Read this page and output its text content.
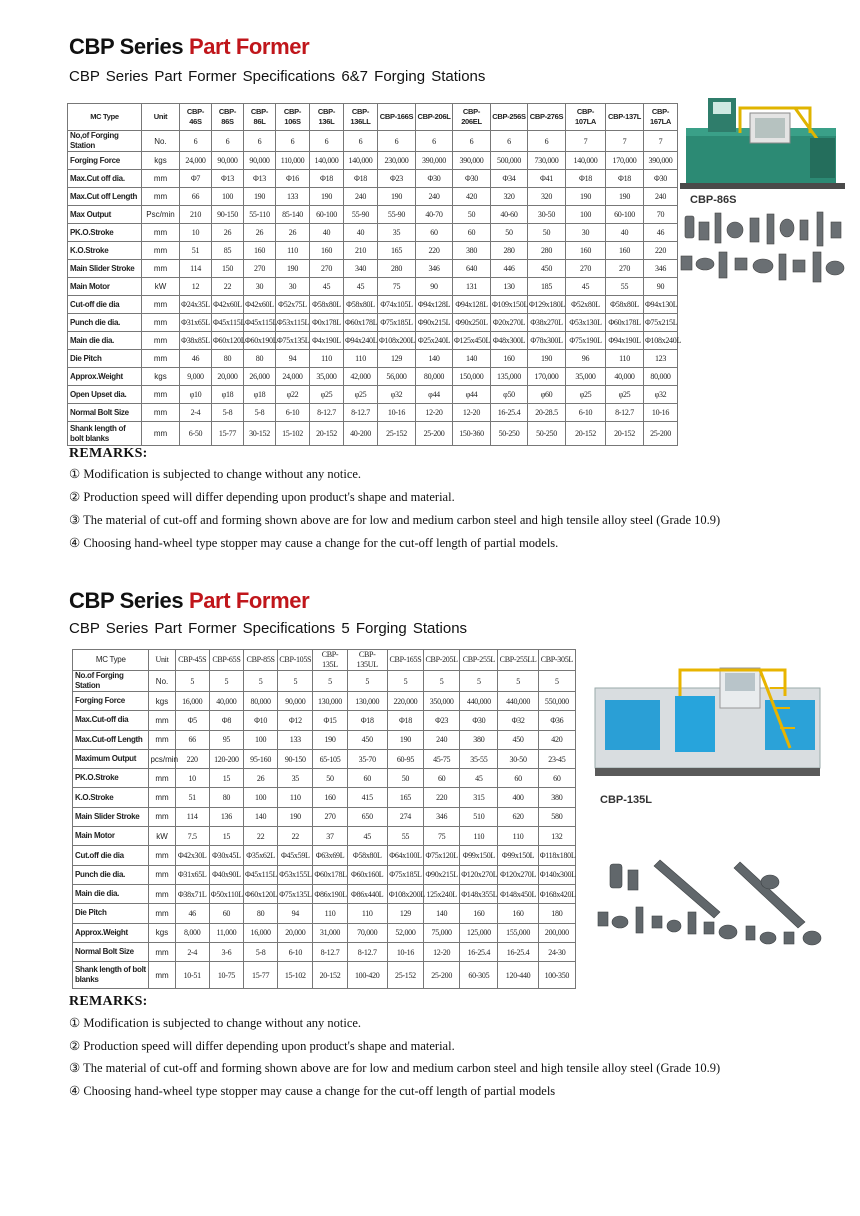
CBP Series Part Former
CBP Series Part Former Specifications 6&7 Forging Stations
MC Type	Unit	CBP-46S	CBP-86S	CBP-86L	CBP-106S	CBP-136L	CBP-136LL	CBP-166S	CBP-206L	CBP-206EL	CBP-256S	CBP-276S	CBP-107LA	CBP-137L	CBP-167LA
No,of Forging Station	No.	6	6	6	6	6	6	6	6	6	6	6	7	7	7
Forging Force	kgs	24,000	90,000	90,000	110,000	140,000	140,000	230,000	390,000	390,000	500,000	730,000	140,000	170,000	390,000
Max.Cut off dia.	mm	Φ7	Φ13	Φ13	Φ16	Φ18	Φ18	Φ23	Φ30	Φ30	Φ34	Φ41	Φ18	Φ18	Φ30
Max.Cut off Length	mm	66	100	190	133	190	240	190	240	420	320	320	190	190	240
Max Output	Psc/min	210	90-150	55-110	85-140	60-100	55-90	55-90	40-70	50	40-60	30-50	100	60-100	70
PK.O.Stroke	mm	10	26	26	26	40	40	35	60	60	50	50	30	40	46
K.O.Stroke	mm	51	85	160	110	160	210	165	220	380	280	280	160	160	220
Main Slider Stroke	mm	114	150	270	190	270	340	280	346	640	446	450	270	270	346
Main Motor	kW	12	22	30	30	45	45	75	90	131	130	185	45	55	90
Cut-off die dia	mm	Φ24x35L	Φ42x60L	Φ42x60L	Φ52x75L	Φ58x80L	Φ58x80L	Φ74x105L	Φ94x128L	Φ94x128L	Φ109x150L	Φ129x180L	Φ52x80L	Φ58x80L	Φ94x130L
Punch die dia.	mm	Φ31x65L	Φ45x115L	Φ45x115L	Φ53x115L	Φ0x178L	Φ60x178L	Φ75x185L	Φ90x215L	Φ90x250L	Φ20x270L	Φ38x270L	Φ53x130L	Φ60x178L	Φ75x215L
Main die dia.	mm	Φ38x85L	Φ60x120L	Φ60x190L	Φ75x135L	Φ4x190L	Φ94x240L	Φ108x200L	Φ25x240L	Φ125x450L	Φ48x300L	Φ78x300L	Φ75x190L	Φ94x190L	Φ108x240L
Die Pitch	mm	46	80	80	94	110	110	129	140	140	160	190	96	110	123
Approx.Weight	kgs	9,000	20,000	26,000	24,000	35,000	42,000	56,000	80,000	150,000	135,000	170,000	35,000	40,000	80,000
Open Upset dia.	mm	φ10	φ18	φ18	φ22	φ25	φ25	φ32	φ44	φ44	φ50	φ60	φ25	φ25	φ32
Normal Bolt Size	mm	2-4	5-8	5-8	6-10	8-12.7	8-12.7	10-16	12-20	12-20	16-25.4	20-28.5	6-10	8-12.7	10-16
Shank length of bolt blanks	mm	6-50	15-77	30-152	15-102	20-152	40-200	25-152	25-200	150-360	50-250	50-250	20-152	20-152	25-200
CBP-86S
REMARKS:
① Modification is subjected to change without any notice.
② Production speed will differ depending upon product's shape and material.
③ The material of cut-off and forming shown above are for low and medium carbon steel and high tensile alloy steel (Grade 10.9)
④ Choosing hand-wheel type stopper may cause a change for the cut-off length of partial models.
CBP Series Part Former
CBP Series Part Former Specifications 5 Forging Stations
MC Type	Unit	CBP-45S	CBP-65S	CBP-85S	CBP-105S	CBP-135L	CBP-135UL	CBP-165S	CBP-205L	CBP-255L	CBP-255LL	CBP-305L
No.of Forging Station	No.	5	5	5	5	5	5	5	5	5	5	5
Forging Force	kgs	16,000	40,000	80,000	90,000	130,000	130,000	220,000	350,000	440,000	440,000	550,000
Max.Cut-off dia	mm	Φ5	Φ8	Φ10	Φ12	Φ15	Φ18	Φ18	Φ23	Φ30	Φ32	Φ36
Max.Cut-off Length	mm	66	95	100	133	190	450	190	240	380	450	420
Maximum Output	pcs/min	220	120-200	95-160	90-150	65-105	35-70	60-95	45-75	35-55	30-50	23-45
PK.O.Stroke	mm	10	15	26	35	50	60	50	60	45	60	60
K.O.Stroke	mm	51	80	100	110	160	415	165	220	315	400	380
Main Slider Stroke	mm	114	136	140	190	270	650	274	346	510	620	580
Main Motor	kW	7.5	15	22	22	37	45	55	75	110	110	132
Cut.off die dia	mm	Φ42x30L	Φ30x45L	Φ35x62L	Φ45x59L	Φ63x69L	Φ58x80L	Φ64x100L	Φ75x120L	Φ99x150L	Φ99x150L	Φ118x180L
Punch die dia.	mm	Φ31x65L	Φ40x90L	Φ45x115L	Φ53x155L	Φ60x178L	Φ60x160L	Φ75x185L	Φ90x215L	Φ120x270L	Φ120x270L	Φ140x300L
Main die dia.	mm	Φ38x71L	Φ50x110L	Φ60x120L	Φ75x135L	Φ86x190L	Φ86x440L	Φ108x200L	125x240L	Φ148x355L	Φ148x450L	Φ168x420L
Die Pitch	mm	46	60	80	94	110	110	129	140	160	160	180
Approx.Weight	kgs	8,000	11,000	16,000	20,000	31,000	70,000	52,000	75,000	125,000	155,000	200,000
Normal Bolt Size	mm	2-4	3-6	5-8	6-10	8-12.7	8-12.7	10-16	12-20	16-25.4	16-25.4	24-30
Shank length of bolt blanks	mm	10-51	10-75	15-77	15-102	20-152	100-420	25-152	25-200	60-305	120-440	100-350
CBP-135L
REMARKS:
① Modification is subjected to change without any notice.
② Production speed will differ depending upon product's shape and material.
③ The material of cut-off and forming shown above are for low and medium carbon steel and high tensile alloy steel (Grade 10.9)
④ Choosing hand-wheel type stopper may cause a change for the cut-off length of partial models
